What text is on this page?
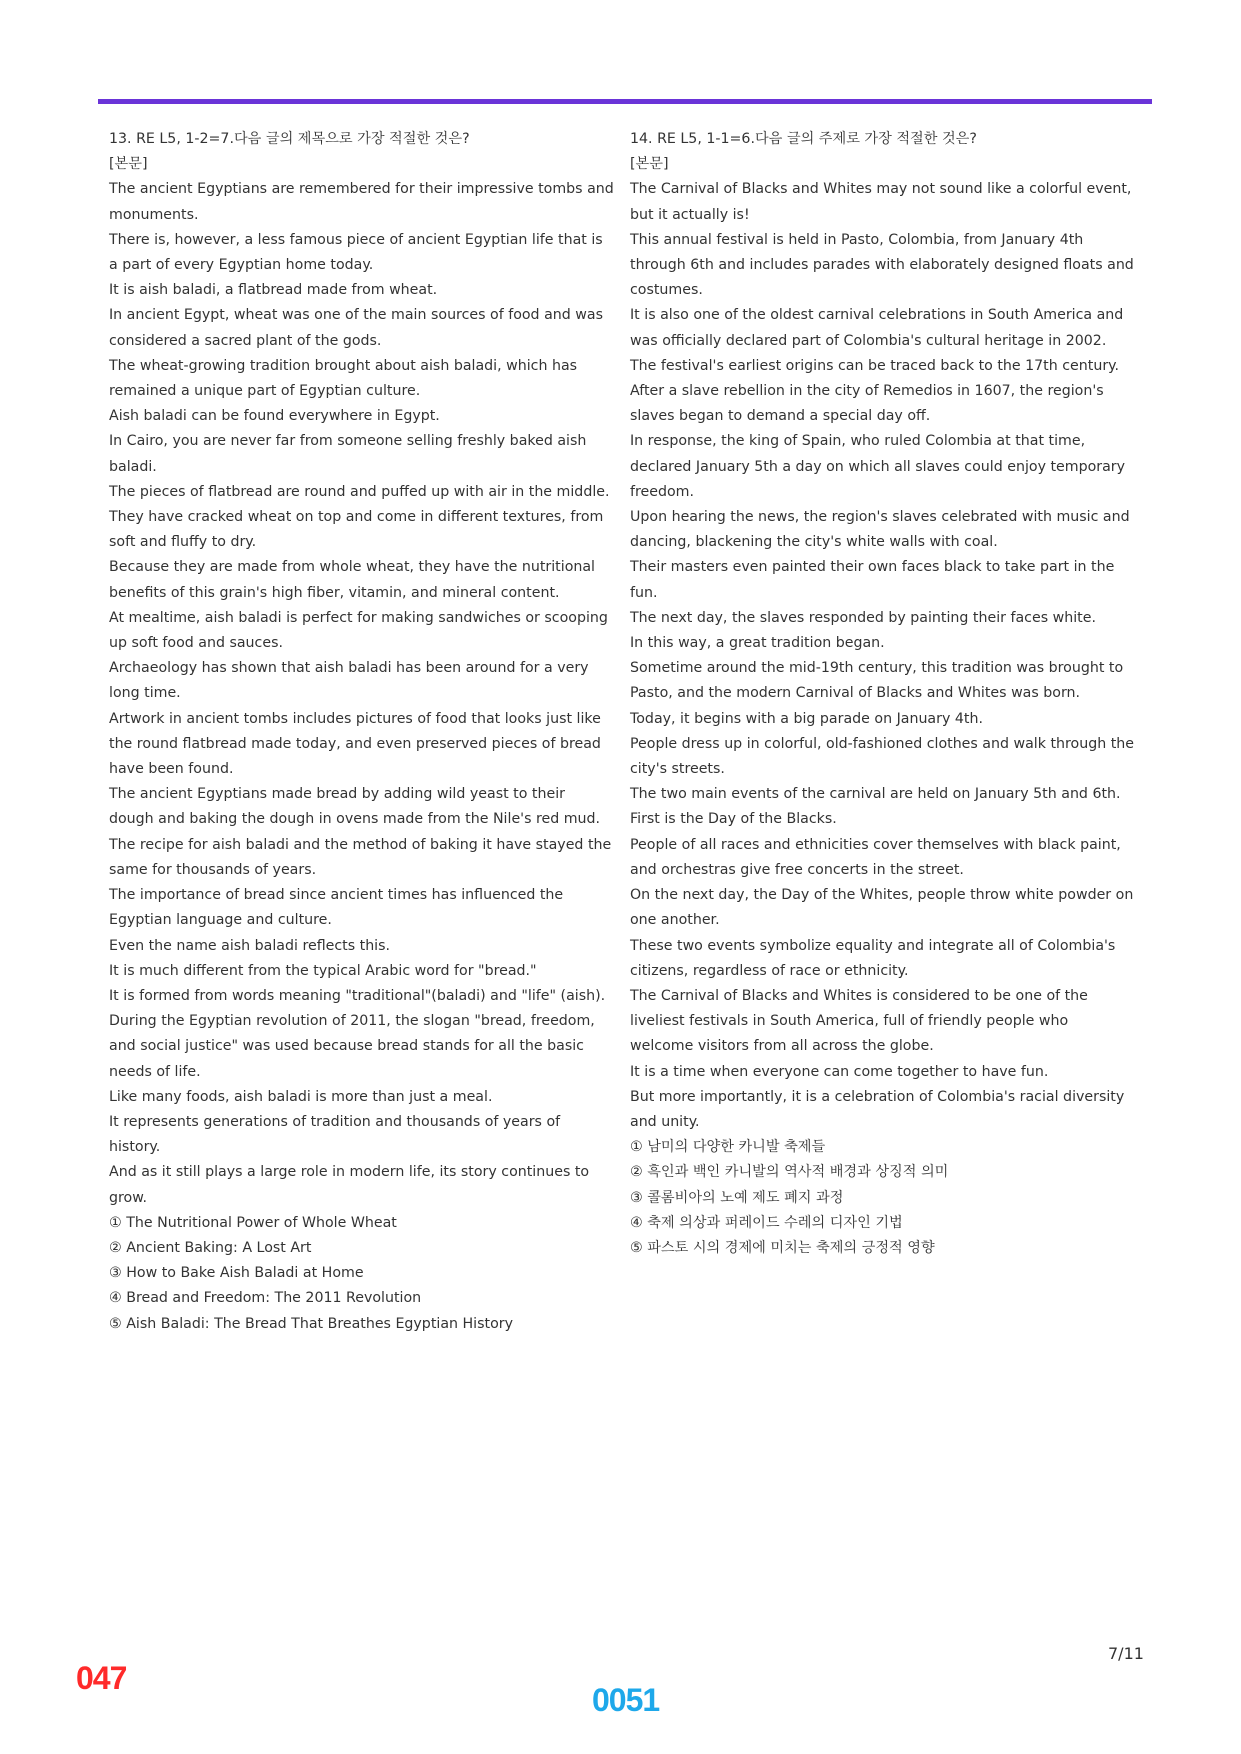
13. RE L5, 1-2=7.다음 글의 제목으로 가장 적절한 것은?

[본문]

The ancient Egyptians are remembered for their impressive tombs and monuments.

There is, however, a less famous piece of ancient Egyptian life that is a part of every Egyptian home today.

It is aish baladi, a flatbread made from wheat.

In ancient Egypt, wheat was one of the main sources of food and was considered a sacred plant of the gods.

The wheat-growing tradition brought about aish baladi, which has remained a unique part of Egyptian culture.

Aish baladi can be found everywhere in Egypt.

In Cairo, you are never far from someone selling freshly baked aish baladi.

The pieces of flatbread are round and puffed up with air in the middle.

They have cracked wheat on top and come in different textures, from soft and fluffy to dry.

Because they are made from whole wheat, they have the nutritional benefits of this grain's high fiber, vitamin, and mineral content.

At mealtime, aish baladi is perfect for making sandwiches or scooping up soft food and sauces.

Archaeology has shown that aish baladi has been around for a very long time.

Artwork in ancient tombs includes pictures of food that looks just like the round flatbread made today, and even preserved pieces of bread have been found.

The ancient Egyptians made bread by adding wild yeast to their dough and baking the dough in ovens made from the Nile's red mud.

The recipe for aish baladi and the method of baking it have stayed the same for thousands of years.

The importance of bread since ancient times has influenced the Egyptian language and culture.

Even the name aish baladi reflects this.

It is much different from the typical Arabic word for "bread."

It is formed from words meaning "traditional"(baladi) and "life" (aish).

During the Egyptian revolution of 2011, the slogan "bread, freedom, and social justice" was used because bread stands for all the basic needs of life.

Like many foods, aish baladi is more than just a meal.

It represents generations of tradition and thousands of years of history.

And as it still plays a large role in modern life, its story continues to grow.

① The Nutritional Power of Whole Wheat

② Ancient Baking: A Lost Art

③ How to Bake Aish Baladi at Home

④ Bread and Freedom: The 2011 Revolution

⑤ Aish Baladi: The Bread That Breathes Egyptian History

14. RE L5, 1-1=6.다음 글의 주제로 가장 적절한 것은?

[본문]

The Carnival of Blacks and Whites may not sound like a colorful event, but it actually is!

This annual festival is held in Pasto, Colombia, from January 4th through 6th and includes parades with elaborately designed floats and costumes.

It is also one of the oldest carnival celebrations in South America and was officially declared part of Colombia's cultural heritage in 2002.

The festival's earliest origins can be traced back to the 17th century.

After a slave rebellion in the city of Remedios in 1607, the region's slaves began to demand a special day off.

In response, the king of Spain, who ruled Colombia at that time, declared January 5th a day on which all slaves could enjoy temporary freedom.

Upon hearing the news, the region's slaves celebrated with music and dancing, blackening the city's white walls with coal.

Their masters even painted their own faces black to take part in the fun.

The next day, the slaves responded by painting their faces white.

In this way, a great tradition began.

Sometime around the mid-19th century, this tradition was brought to Pasto, and the modern Carnival of Blacks and Whites was born.

Today, it begins with a big parade on January 4th.

People dress up in colorful, old-fashioned clothes and walk through the city's streets.

The two main events of the carnival are held on January 5th and 6th.

First is the Day of the Blacks.

People of all races and ethnicities cover themselves with black paint, and orchestras give free concerts in the street.

On the next day, the Day of the Whites, people throw white powder on one another.

These two events symbolize equality and integrate all of Colombia's citizens, regardless of race or ethnicity.

The Carnival of Blacks and Whites is considered to be one of the liveliest festivals in South America, full of friendly people who welcome visitors from all across the globe.

It is a time when everyone can come together to have fun.

But more importantly, it is a celebration of Colombia's racial diversity and unity.

① 남미의 다양한 카니발 축제들

② 흑인과 백인 카니발의 역사적 배경과 상징적 의미

③ 콜롬비아의 노예 제도 폐지 과정

④ 축제 의상과 퍼레이드 수레의 디자인 기법

⑤ 파스토 시의 경제에 미치는 축제의 긍정적 영향

7/11
047
0051
